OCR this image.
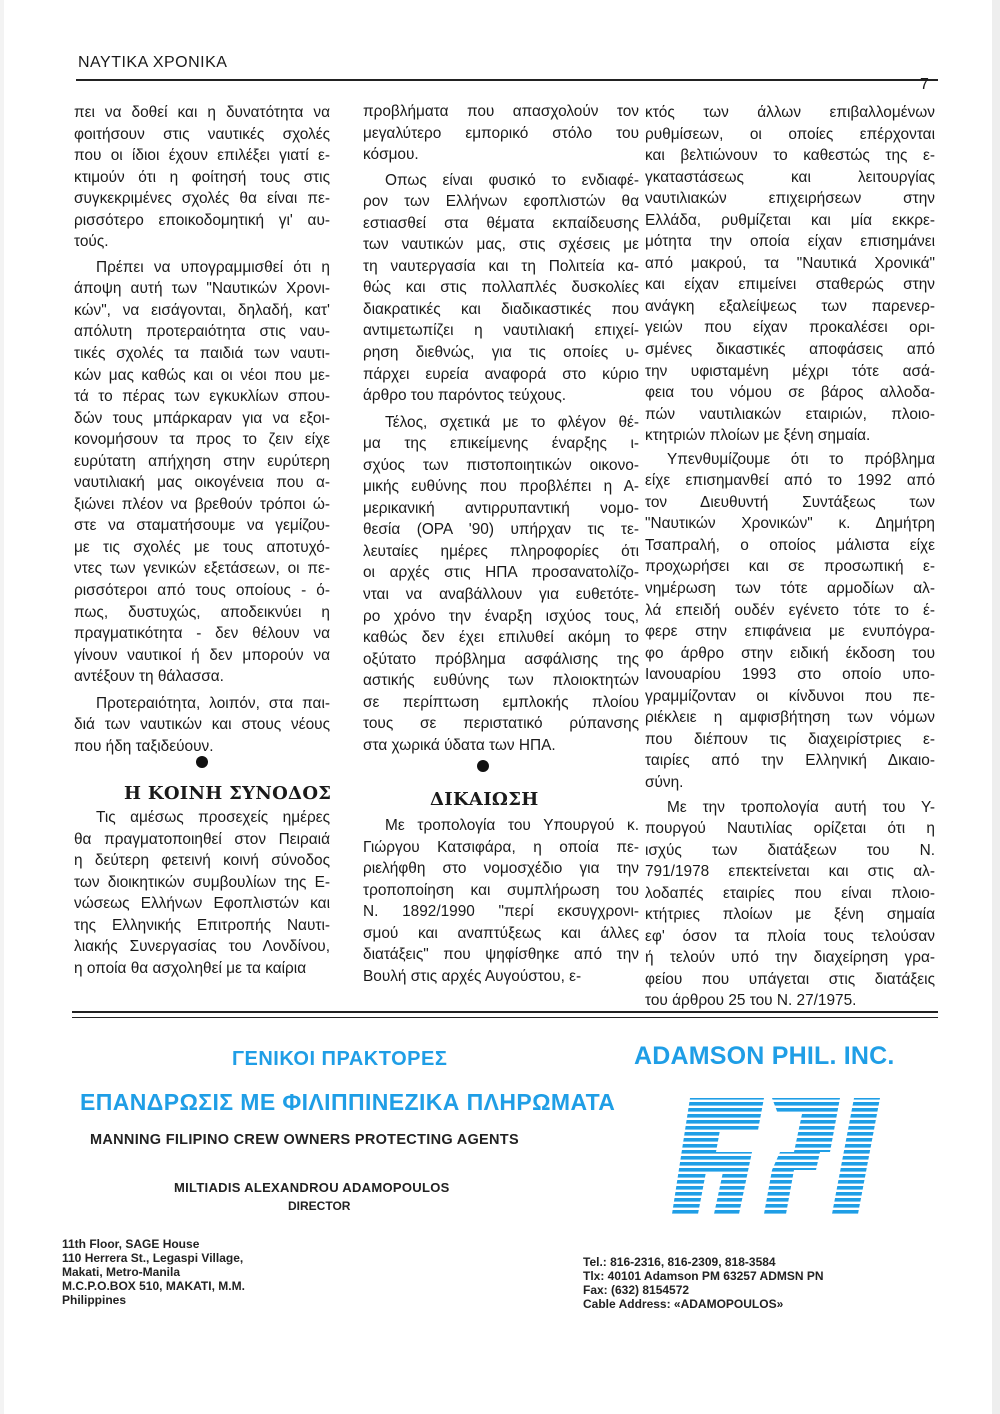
ΝΑΥΤΙΚΑ ΧΡΟΝΙΚΑ
7

πει να δοθεί και η δυνατότητα να
φοιτήσουν στις ναυτικές σχολές
που οι ίδιοι έχουν επιλέξει γιατί ε-
κτιμούν ότι η φοίτησή τους στις
συγκεκριμένες σχολές θα είναι πε-
ρισσότερο εποικοδομητική γι' αυ-
τούς.

Πρέπει να υπογραμμισθεί ότι η
άποψη αυτή των "Ναυτικών Χρονι-
κών", να εισάγονται, δηλαδή, κατ'
απόλυτη προτεραιότητα στις ναυ-
τικές σχολές τα παιδιά των ναυτι-
κών μας καθώς και οι νέοι που με-
τά το πέρας των εγκυκλίων σπου-
δών τους μπάρκαραν για να εξοι-
κονομήσουν τα προς το ζειν είχε
ευρύτατη απήχηση στην ευρύτερη
ναυτιλιακή μας οικογένεια που α-
ξιώνει πλέον να βρεθούν τρόποι ώ-
στε να σταματήσουμε να γεμίζου-
με τις σχολές με τους αποτυχό-
ντες των γενικών εξετάσεων, οι πε-
ρισσότεροι από τους οποίους - ό-
πως, δυστυχώς, αποδεικνύει η
πραγματικότητα - δεν θέλουν να
γίνουν ναυτικοί ή δεν μπορούν να
αντέξουν τη θάλασσα.

Προτεραιότητα, λοιπόν, στα παι-
διά των ναυτικών και στους νέους
που ήδη ταξιδεύουν.

Η ΚΟΙΝΗ ΣΥΝΟΔΟΣ

Τις αμέσως προσεχείς ημέρες
θα πραγματοποιηθεί στον Πειραιά
η δεύτερη φετεινή κοινή σύνοδος
των διοικητικών συμβουλίων της Ε-
νώσεως Ελλήνων Εφοπλιστών και
της Ελληνικής Επιτροπής Ναυτι-
λιακής Συνεργασίας του Λονδίνου,
η οποία θα ασχοληθεί με τα καίρια

προβλήματα που απασχολούν τον
μεγαλύτερο εμπορικό στόλο του
κόσμου.

Οπως είναι φυσικό το ενδιαφέ-
ρον των Ελλήνων εφοπλιστών θα
εστιασθεί στα θέματα εκπαίδευσης
των ναυτικών μας, στις σχέσεις με
τη ναυτεργασία και τη Πολιτεία κα-
θώς και στις πολλαπλές δυσκολίες
διακρατικές και διαδικαστικές που
αντιμετωπίζει η ναυτιλιακή επιχεί-
ρηση διεθνώς, για τις οποίες υ-
πάρχει ευρεία αναφορά στο κύριο
άρθρο του παρόντος τεύχους.

Τέλος, σχετικά με το φλέγον θέ-
μα της επικείμενης έναρξης ι-
σχύος των πιστοποιητικών οικονο-
μικής ευθύνης που προβλέπει η Α-
μερικανική αντιρρυπαντική νομο-
θεσία (ΟΡΑ '90) υπήρχαν τις τε-
λευταίες ημέρες πληροφορίες ότι
οι αρχές στις ΗΠΑ προσανατολίζο-
νται να αναβάλλουν για ευθετότε-
ρο χρόνο την έναρξη ισχύος τους,
καθώς δεν έχει επιλυθεί ακόμη το
οξύτατο πρόβλημα ασφάλισης της
αστικής ευθύνης των πλοιοκτητών
σε περίπτωση εμπλοκής πλοίου
τους σε περιστατικό ρύπανσης
στα χωρικά ύδατα των ΗΠΑ.

ΔΙΚΑΙΩΣΗ

Με τροπολογία του Υπουργού κ.
Γιώργου Κατσιφάρα, η οποία πε-
ριελήφθη στο νομοσχέδιο για την
τροποποίηση και συμπλήρωση του
Ν. 1892/1990 "περί εκσυγχρονι-
σμού και αναπτύξεως και άλλες
διατάξεις" που ψηφίσθηκε από την
Βουλή στις αρχές Αυγούστου, ε-

κτός των άλλων επιβαλλομένων
ρυθμίσεων, οι οποίες επέρχονται
και βελτιώνουν το καθεστώς της ε-
γκαταστάσεως και λειτουργίας
ναυτιλιακών επιχειρήσεων στην
Ελλάδα, ρυθμίζεται και μία εκκρε-
μότητα την οποία είχαν επισημάνει
από μακρού, τα "Ναυτικά Χρονικά"
και είχαν επιμείνει σταθερώς στην
ανάγκη εξαλείψεως των παρενερ-
γειών που είχαν προκαλέσει ορι-
σμένες δικαστικές αποφάσεις από
την υφισταμένη μέχρι τότε ασά-
φεια του νόμου σε βάρος αλλοδα-
πών ναυτιλιακών εταιριών, πλοιο-
κτητριών πλοίων με ξένη σημαία.

Υπενθυμίζουμε ότι το πρόβλημα
είχε επισημανθεί από το 1992 από
τον Διευθυντή Συντάξεως των
"Ναυτικών Χρονικών" κ. Δημήτρη
Τσαπραλή, ο οποίος μάλιστα είχε
προχωρήσει και σε προσωπική ε-
νημέρωση των τότε αρμοδίων αλ-
λά επειδή ουδέν εγένετο τότε το έ-
φερε στην επιφάνεια με ενυπόγρα-
φο άρθρο στην ειδική έκδοση του
Ιανουαρίου 1993 στο οποίο υπο-
γραμμίζονταν οι κίνδυνοι που πε-
ριέκλειε η αμφισβήτηση των νόμων
που διέπουν τις διαχειρίστριες ε-
ταιρίες από την Ελληνική Δικαιο-
σύνη.

Με την τροπολογία αυτή του Υ-
πουργού Ναυτιλίας ορίζεται ότι η
ισχύς των διατάξεων του Ν.
791/1978 επεκτείνεται και στις αλ-
λοδαπές εταιρίες που είναι πλοιο-
κτήτριες πλοίων με ξένη σημαία
εφ' όσον τα πλοία τους τελούσαν
ή τελούν υπό την διαχείρηση γρα-
φείου που υπάγεται στις διατάξεις
του άρθρου 25 του Ν. 27/1975.

ΓΕΝΙΚΟΙ ΠΡΑΚΤΟΡΕΣ
ΕΠΑΝΔΡΩΣΙΣ ΜΕ ΦΙΛΙΠΠΙΝΕΖΙΚΑ ΠΛΗΡΩΜΑΤΑ
MANNING FILIPINO CREW OWNERS PROTECTING AGENTS
MILTIADIS ALEXANDROU ADAMOPOULOS
DIRECTOR
ADAMSON PHIL. INC.
11th Floor, SAGE House
110 Herrera St., Legaspi Village,
Makati, Metro-Manila
M.C.P.O.BOX 510, MAKATI, M.M.
Philippines
Tel.: 816-2316, 816-2309, 818-3584
Tlx: 40101 Adamson PM 63257 ADMSN PN
Fax: (632) 8154572
Cable Address: «ADAMOPOULOS»
